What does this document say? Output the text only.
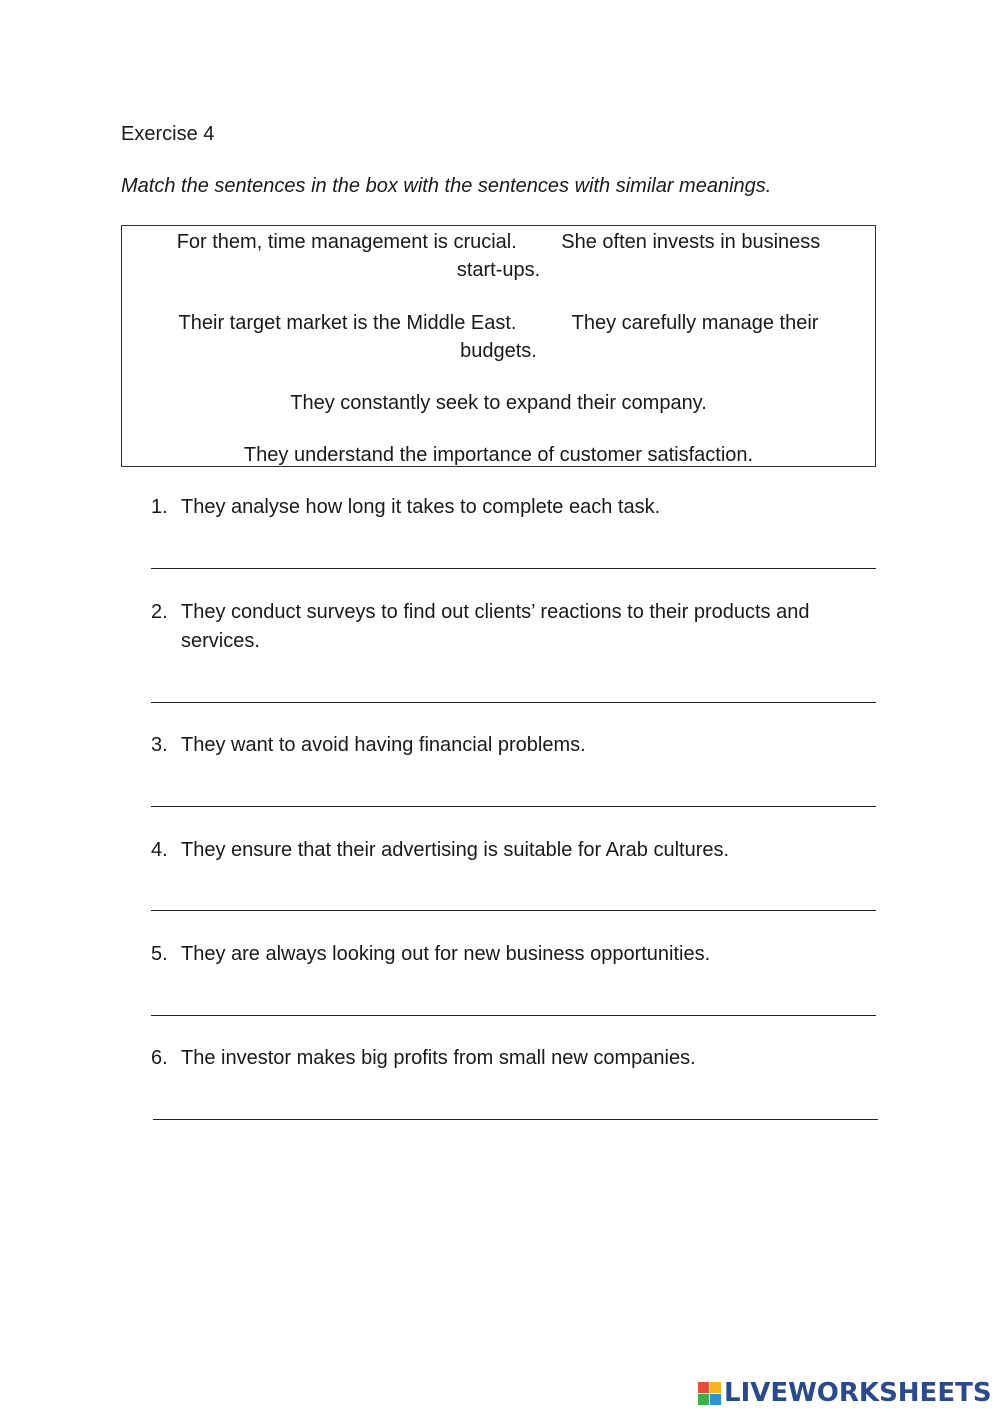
Exercise 4
Match the sentences in the box with the sentences with similar meanings.
For them, time management is crucial.        She often invests in business
start-ups.
Their target market is the Middle East.          They carefully manage their
budgets.
They constantly seek to expand their company.
They understand the importance of customer satisfaction.
1. They analyse how long it takes to complete each task.
2. They conduct surveys to find out clients’ reactions to their products and services.
3. They want to avoid having financial problems.
4. They ensure that their advertising is suitable for Arab cultures.
5. They are always looking out for new business opportunities.
6. The investor makes big profits from small new companies.
LIVEWORKSHEETS
